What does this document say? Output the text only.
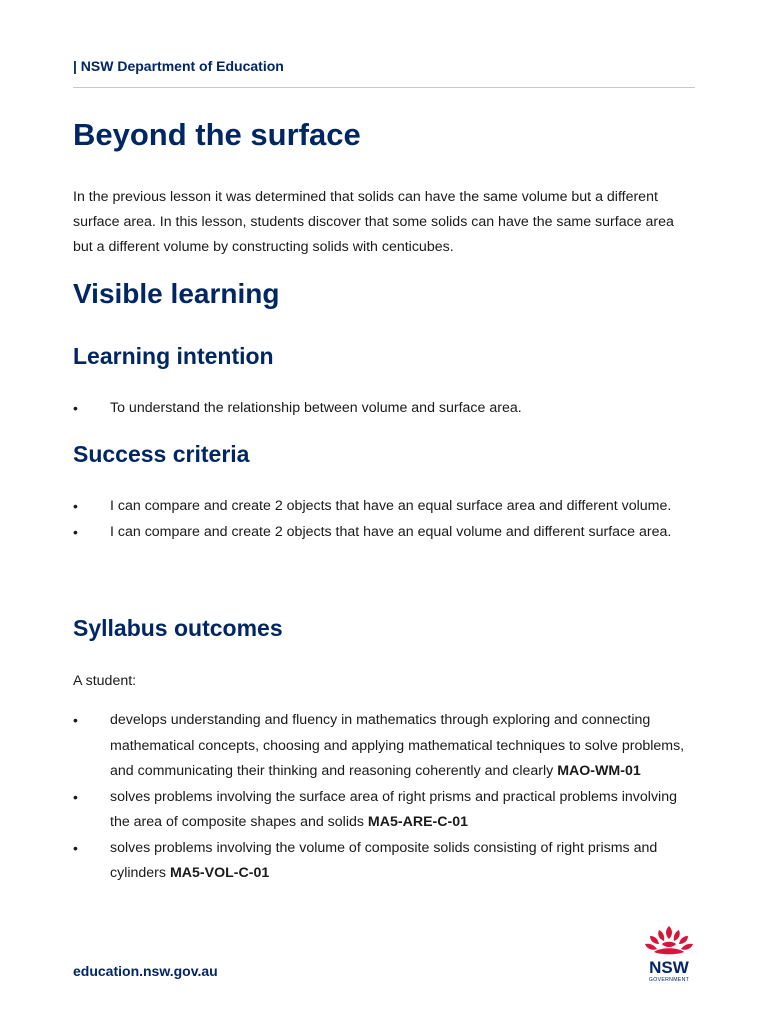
| NSW Department of Education
Beyond the surface

In the previous lesson it was determined that solids can have the same volume but a different surface area. In this lesson, students discover that some solids can have the same surface area but a different volume by constructing solids with centicubes.

Visible learning
Learning intention
• To understand the relationship between volume and surface area.
Success criteria
• I can compare and create 2 objects that have an equal surface area and different volume.
• I can compare and create 2 objects that have an equal volume and different surface area.
Syllabus outcomes

A student:

• develops understanding and fluency in mathematics through exploring and connecting mathematical concepts, choosing and applying mathematical techniques to solve problems, and communicating their thinking and reasoning coherently and clearly MAO-WM-01
• solves problems involving the surface area of right prisms and practical problems involving the area of composite shapes and solids MA5-ARE-C-01
• solves problems involving the volume of composite solids consisting of right prisms and cylinders MA5-VOL-C-01
education.nsw.gov.au	NSW
GOVERNMENT
